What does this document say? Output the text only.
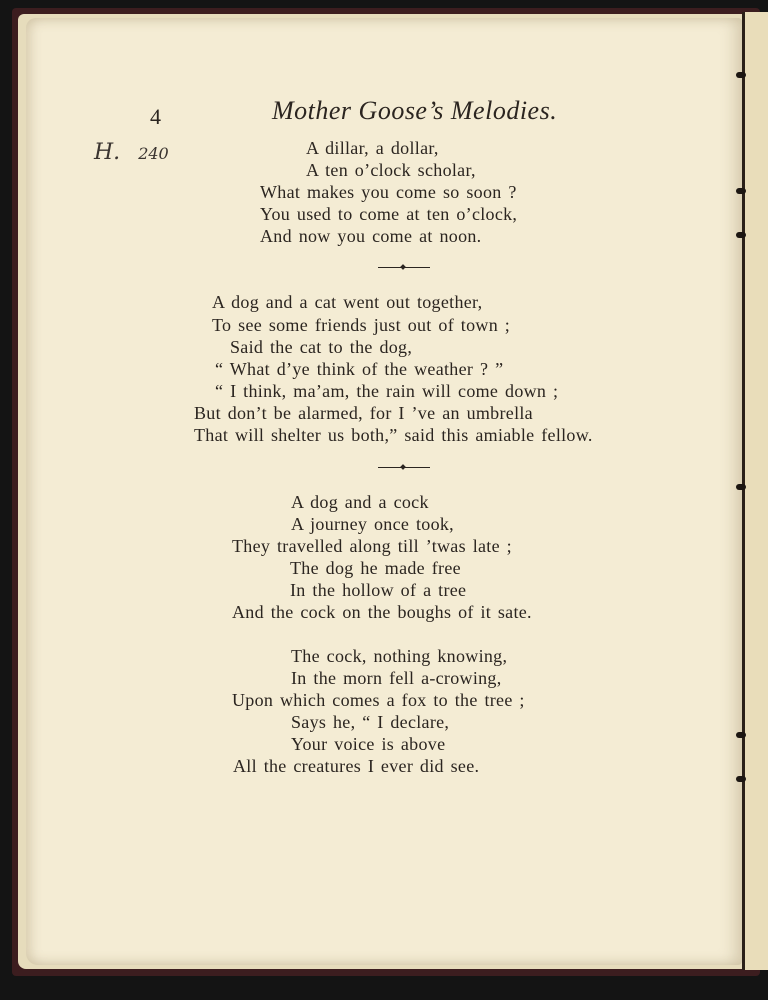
4	Mother Goose’s Melodies.
H. 240	A dillar, a dollar,
A ten o’clock scholar,
What makes you come so soon ?
You used to come at ten o’clock,
And now you come at noon.
A dog and a cat went out together,
To see some friends just out of town ;
Said the cat to the dog,
“ What d’ye think of the weather ? ”
“ I think, ma’am, the rain will come down ;
But don’t be alarmed, for I ’ve an umbrella
That will shelter us both,” said this amiable fellow.
A dog and a cock
A journey once took,
They travelled along till ’twas late ;
The dog he made free
In the hollow of a tree
And the cock on the boughs of it sate.
The cock, nothing knowing,
In the morn fell a-crowing,
Upon which comes a fox to the tree ;
Says he, “ I declare,
Your voice is above
All the creatures I ever did see.
